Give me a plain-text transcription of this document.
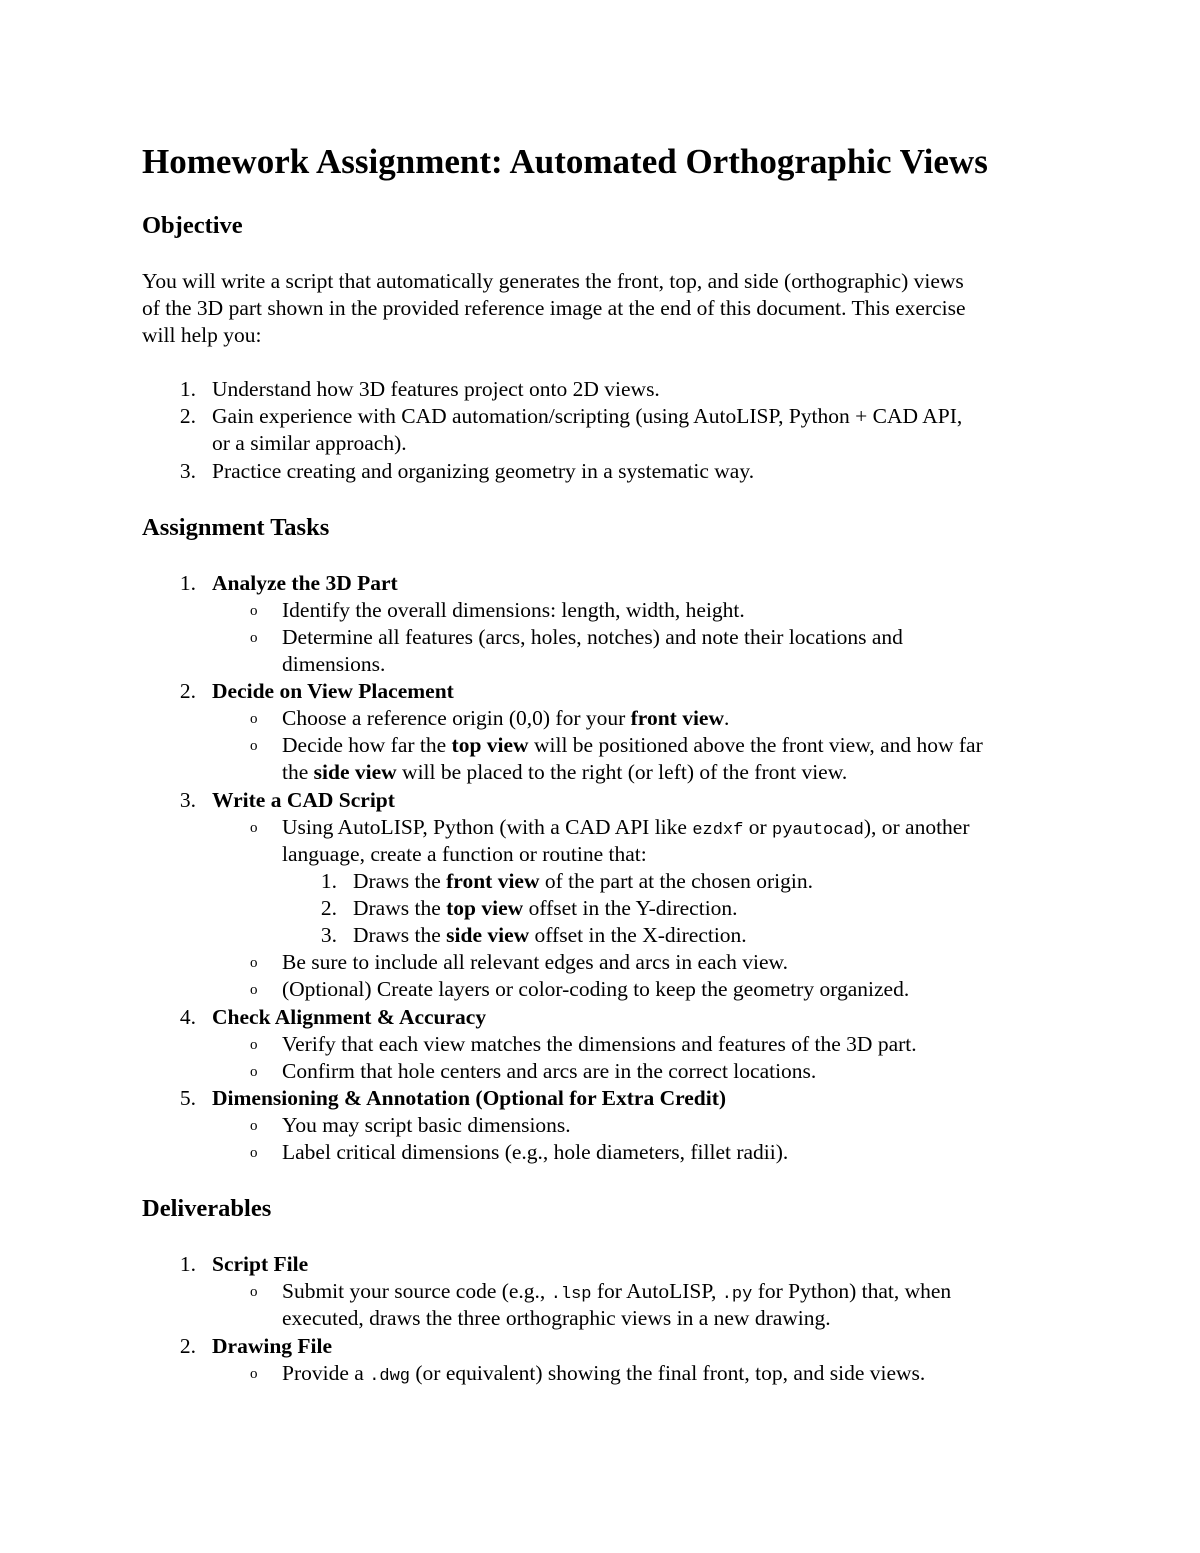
Homework Assignment: Automated Orthographic Views
Objective
You will write a script that automatically generates the front, top, and side (orthographic) views
of the 3D part shown in the provided reference image at the end of this document. This exercise
will help you:
1. Understand how 3D features project onto 2D views.
2. Gain experience with CAD automation/scripting (using AutoLISP, Python + CAD API,
or a similar approach).
3. Practice creating and organizing geometry in a systematic way.
Assignment Tasks
1. Analyze the 3D Part
o Identify the overall dimensions: length, width, height.
o Determine all features (arcs, holes, notches) and note their locations and
dimensions.
2. Decide on View Placement
o Choose a reference origin (0,0) for your front view.
o Decide how far the top view will be positioned above the front view, and how far
the side view will be placed to the right (or left) of the front view.
3. Write a CAD Script
o Using AutoLISP, Python (with a CAD API like ezdxf or pyautocad), or another
language, create a function or routine that:
1. Draws the front view of the part at the chosen origin.
2. Draws the top view offset in the Y-direction.
3. Draws the side view offset in the X-direction.
o Be sure to include all relevant edges and arcs in each view.
o (Optional) Create layers or color-coding to keep the geometry organized.
4. Check Alignment & Accuracy
o Verify that each view matches the dimensions and features of the 3D part.
o Confirm that hole centers and arcs are in the correct locations.
5. Dimensioning & Annotation (Optional for Extra Credit)
o You may script basic dimensions.
o Label critical dimensions (e.g., hole diameters, fillet radii).
Deliverables
1. Script File
o Submit your source code (e.g., .lsp for AutoLISP, .py for Python) that, when
executed, draws the three orthographic views in a new drawing.
2. Drawing File
o Provide a .dwg (or equivalent) showing the final front, top, and side views.
